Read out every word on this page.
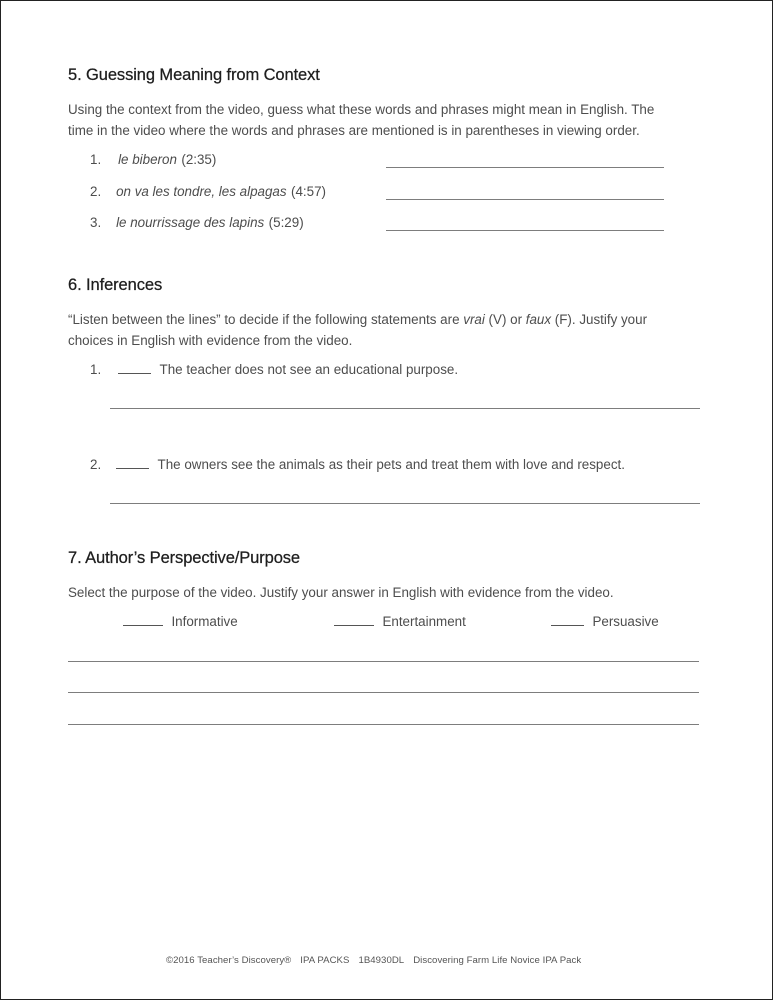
5. Guessing Meaning from Context
Using the context from the video, guess what these words and phrases might mean in English. The
time in the video where the words and phrases are mentioned is in parentheses in viewing order.
1. le biberon (2:35)
2. on va les tondre, les alpagas (4:57)
3. le nourrissage des lapins (5:29)
6. Inferences
“Listen between the lines” to decide if the following statements are vrai (V) or faux (F). Justify your
choices in English with evidence from the video.
1.	The teacher does not see an educational purpose.
2.	The owners see the animals as their pets and treat them with love and respect.
7. Author’s Perspective/Purpose
Select the purpose of the video. Justify your answer in English with evidence from the video.
Informative	Entertainment	Persuasive
©2016 Teacher’s Discovery® IPA PACKS 1B4930DL Discovering Farm Life Novice IPA Pack
